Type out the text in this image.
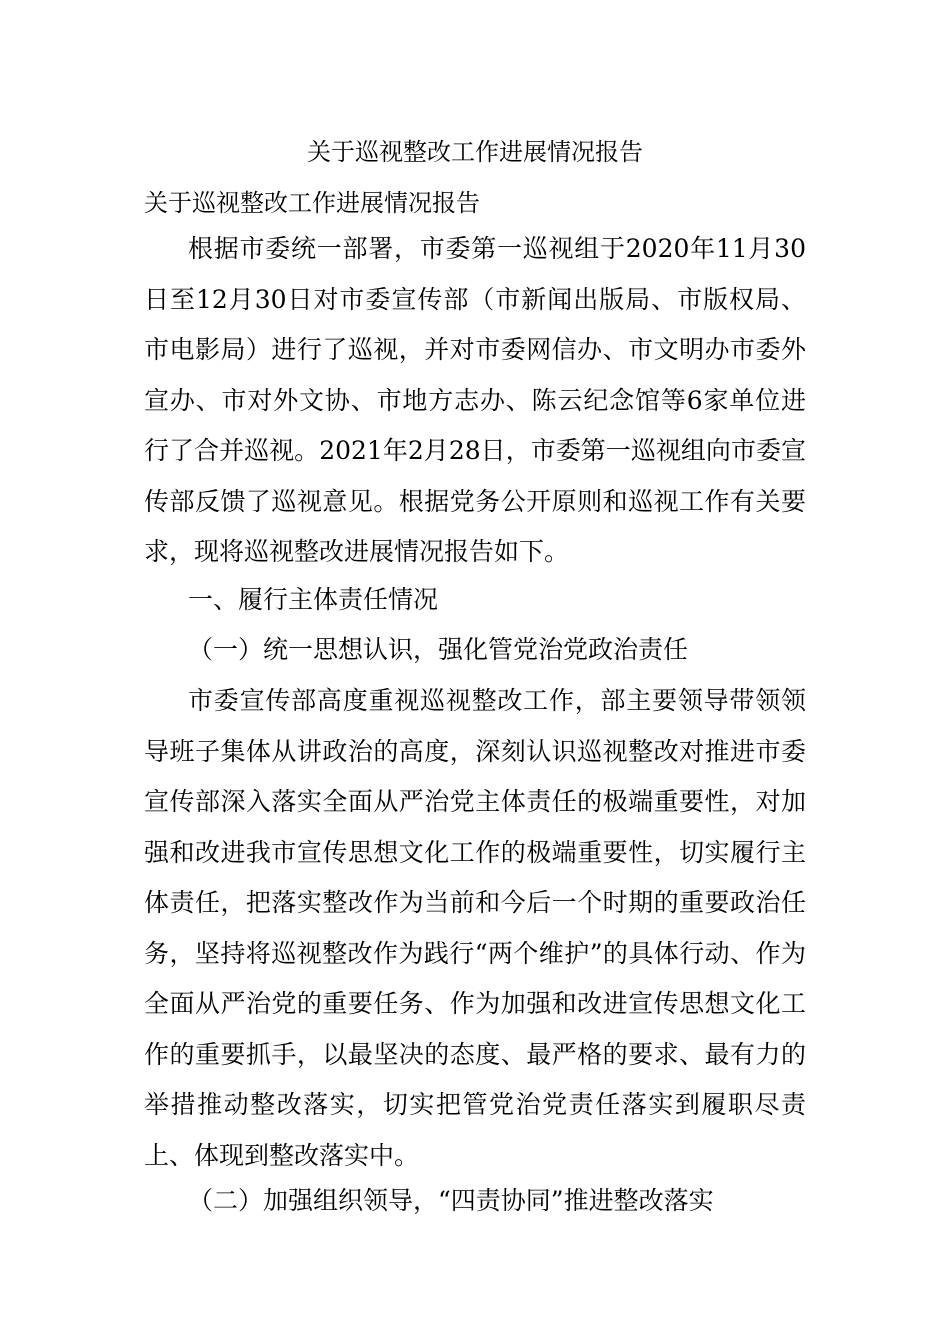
关于巡视整改工作进展情况报告
关于巡视整改工作进展情况报告

根据市委统一部署，市委第一巡视组于2020年11月30日至12月30日对市委宣传部（市新闻出版局、市版权局、市电影局）进行了巡视，并对市委网信办、市文明办市委外宣办、市对外文协、市地方志办、陈云纪念馆等6家单位进行了合并巡视。2021年2月28日，市委第一巡视组向市委宣传部反馈了巡视意见。根据党务公开原则和巡视工作有关要求，现将巡视整改进展情况报告如下。

一、履行主体责任情况

（一）统一思想认识，强化管党治党政治责任

市委宣传部高度重视巡视整改工作，部主要领导带领领导班子集体从讲政治的高度，深刻认识巡视整改对推进市委宣传部深入落实全面从严治党主体责任的极端重要性，对加强和改进我市宣传思想文化工作的极端重要性，切实履行主体责任，把落实整改作为当前和今后一个时期的重要政治任务，坚持将巡视整改作为践行“两个维护”的具体行动、作为全面从严治党的重要任务、作为加强和改进宣传思想文化工作的重要抓手，以最坚决的态度、最严格的要求、最有力的举措推动整改落实，切实把管党治党责任落实到履职尽责上、体现到整改落实中。

（二）加强组织领导，“四责协同”推进整改落实
